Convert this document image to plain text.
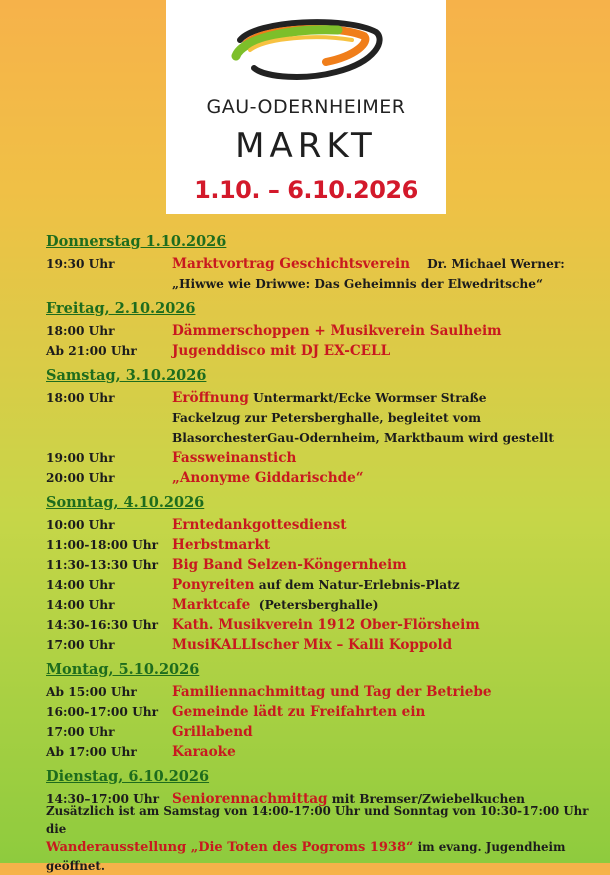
GAU-ODERNHEIMER
MARKT
1.10. – 6.10.2026
Donnerstag 1.10.2026
19:30 Uhr	Marktvortrag Geschichtsverein Dr. Michael Werner:
„Hiwwe wie Driwwe: Das Geheimnis der Elwedritsche“
Freitag, 2.10.2026
18:00 Uhr	Dämmerschoppen + Musikverein Saulheim
Ab 21:00 Uhr	Jugenddisco mit DJ EX-CELL
Samstag, 3.10.2026
18:00 Uhr	Eröffnung Untermarkt/Ecke Wormser Straße
Fackelzug zur Petersberghalle, begleitet vom
BlasorchesterGau-Odernheim, Marktbaum wird gestellt
19:00 Uhr	Fassweinanstich
20:00 Uhr	„Anonyme Giddarischde“
Sonntag, 4.10.2026
10:00 Uhr	Erntedankgottesdienst
11:00-18:00 Uhr	Herbstmarkt
11:30-13:30 Uhr	Big Band Selzen-Köngernheim
14:00 Uhr	Ponyreiten auf dem Natur-Erlebnis-Platz
14:00 Uhr	Marktcafe (Petersberghalle)
14:30-16:30 Uhr	Kath. Musikverein 1912 Ober-Flörsheim
17:00 Uhr	MusiKALLIscher Mix – Kalli Koppold
Montag, 5.10.2026
Ab 15:00 Uhr	Familiennachmittag und Tag der Betriebe
16:00-17:00 Uhr	Gemeinde lädt zu Freifahrten ein
17:00 Uhr	Grillabend
Ab 17:00 Uhr	Karaoke
Dienstag, 6.10.2026
14:30–17:00 Uhr Seniorennachmittag mit Bremser/Zwiebelkuchen
Zusätzlich ist am Samstag von 14:00-17:00 Uhr und Sonntag von 10:30-17:00 Uhr die
Wanderausstellung „Die Toten des Pogroms 1938“ im evang. Jugendheim geöffnet.
